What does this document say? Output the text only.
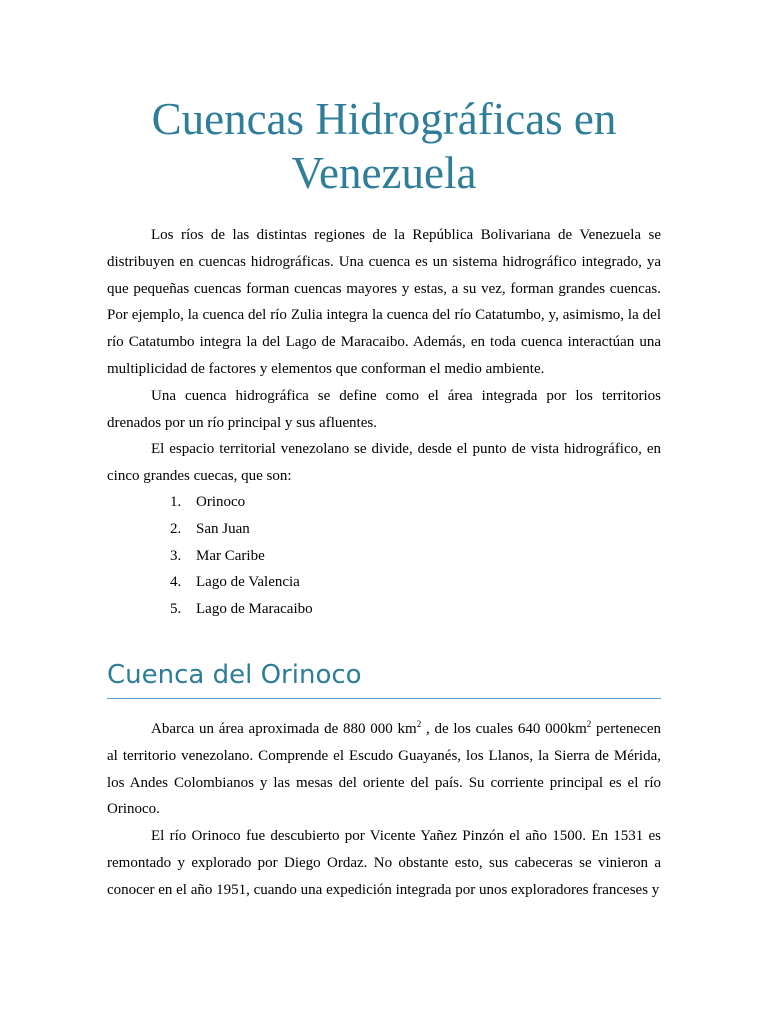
Cuencas Hidrográficas en
Venezuela

Los ríos de las distintas regiones de la República Bolivariana de Venezuela se distribuyen en cuencas hidrográficas. Una cuenca es un sistema hidrográfico integrado, ya que pequeñas cuencas forman cuencas mayores y estas, a su vez, forman grandes cuencas. Por ejemplo, la cuenca del río Zulia integra la cuenca del río Catatumbo, y, asimismo, la del río Catatumbo integra la del Lago de Maracaibo. Además, en toda cuenca interactúan una multiplicidad de factores y elementos que conforman el medio ambiente.

Una cuenca hidrográfica se define como el área integrada por los territorios drenados por un río principal y sus afluentes.

El espacio territorial venezolano se divide, desde el punto de vista hidrográfico, en cinco grandes cuecas, que son:

1. Orinoco
2. San Juan
3. Mar Caribe
4. Lago de Valencia
5. Lago de Maracaibo
Cuenca del Orinoco

Abarca un área aproximada de 880 000 $km^2$ , de los cuales 640 $000km^2$ pertenecen al territorio venezolano. Comprende el Escudo Guayanés, los Llanos, la Sierra de Mérida, los Andes Colombianos y las mesas del oriente del país. Su corriente principal es el río Orinoco.

El río Orinoco fue descubierto por Vicente Yañez Pinzón el año 1500. En 1531 es remontado y explorado por Diego Ordaz. No obstante esto, sus cabeceras se vinieron a conocer en el año 1951, cuando una expedición integrada por unos exploradores franceses y
